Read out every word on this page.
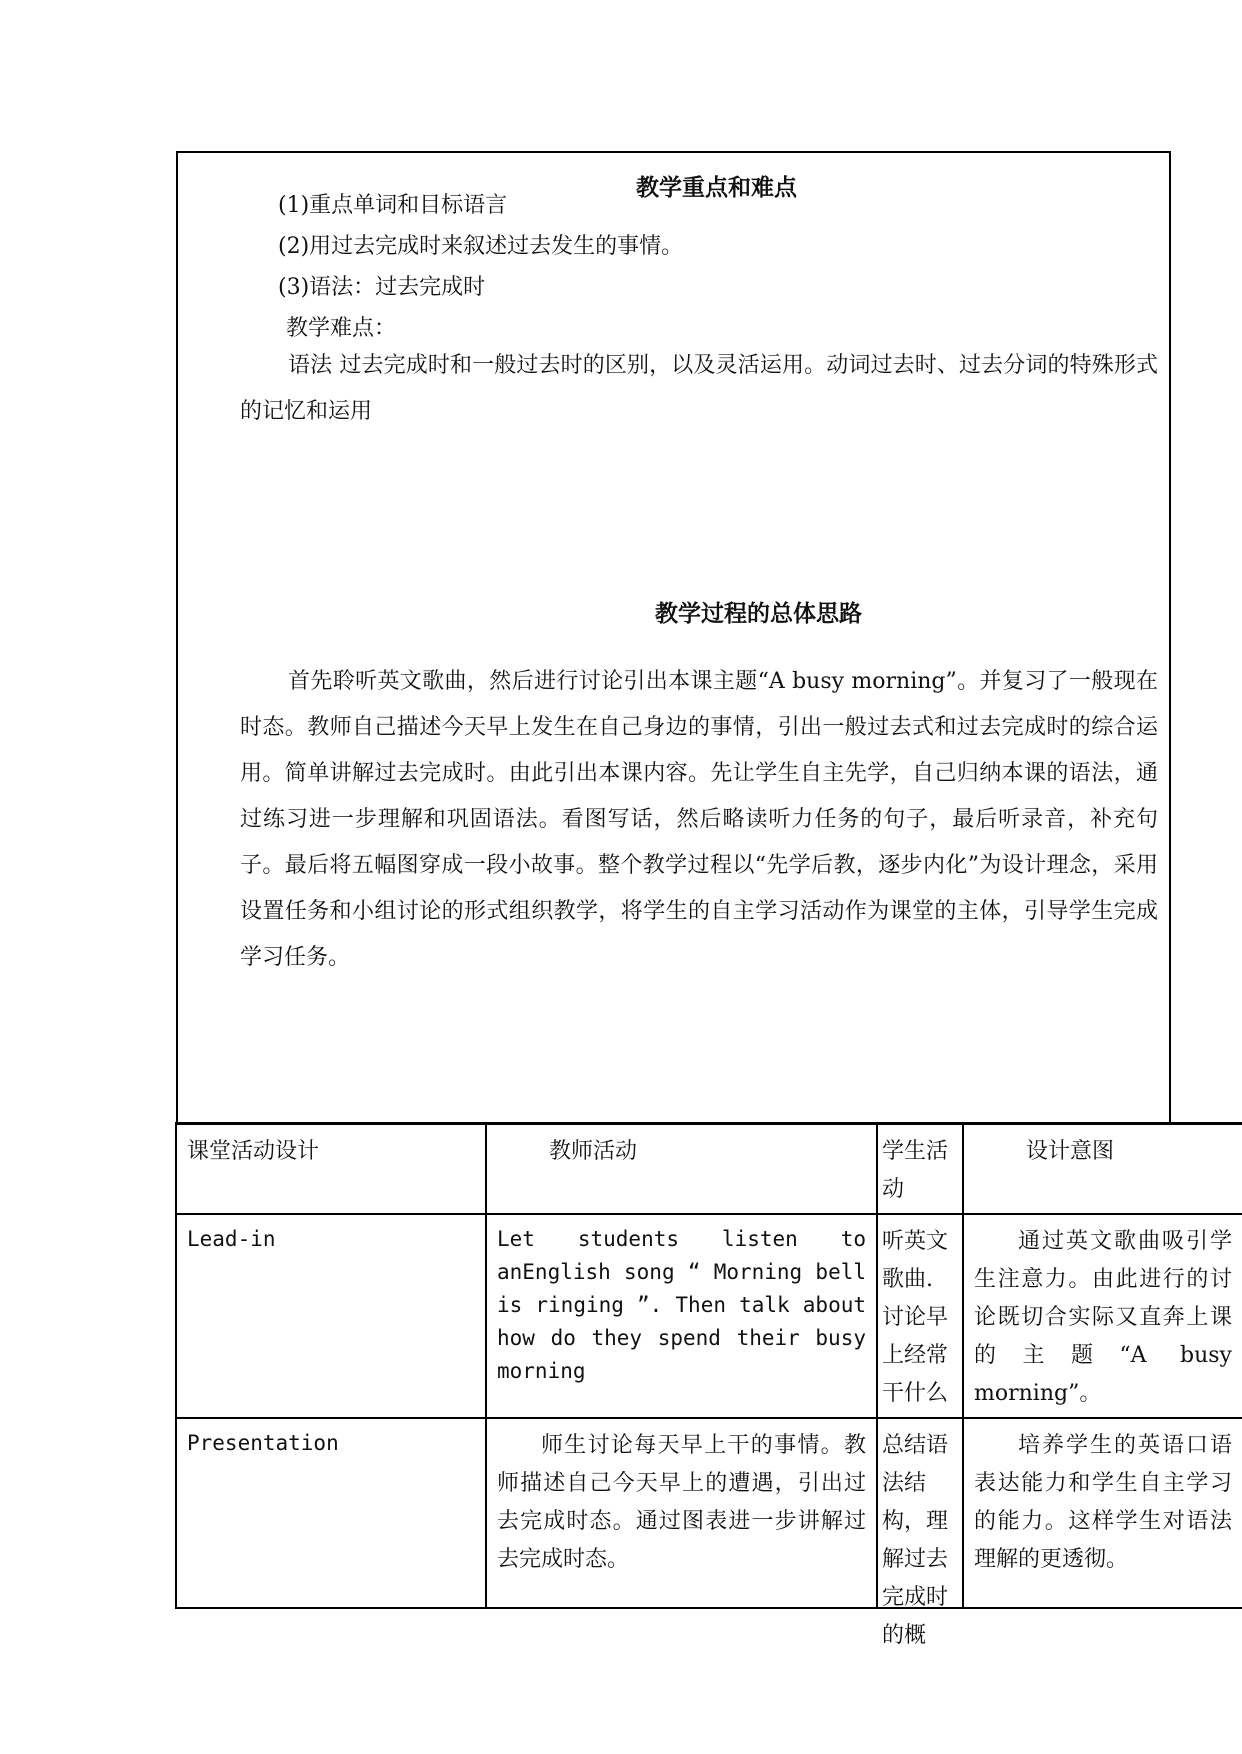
教学重点和难点
(1)重点单词和目标语言
(2)用过去完成时来叙述过去发生的事情。
(3)语法：过去完成时
教学难点：

语法 过去完成时和一般过去时的区别，以及灵活运用。动词过去时、过去分词的特殊形式的记忆和运用

教学过程的总体思路

首先聆听英文歌曲，然后进行讨论引出本课主题“A busy morning”。并复习了一般现在时态。教师自己描述今天早上发生在自己身边的事情，引出一般过去式和过去完成时的综合运用。简单讲解过去完成时。由此引出本课内容。先让学生自主先学，自己归纳本课的语法，通过练习进一步理解和巩固语法。看图写话，然后略读听力任务的句子，最后听录音，补充句子。最后将五幅图穿成一段小故事。整个教学过程以“先学后教，逐步内化”为设计理念，采用设置任务和小组讨论的形式组织教学，将学生的自主学习活动作为课堂的主体，引导学生完成学习任务。

课堂活动设计	教师活动	学生活动	设计意图

Lead-in	Let students listen to anEnglish song “ Morning bell is ringing ”. Then talk about how do they spend their busy morning	听英文歌曲. 讨论早上经常干什么	通过英文歌曲吸引学生注意力。由此进行的讨论既切合实际又直奔上课的主题“A busy morning”。

Presentation	师生讨论每天早上干的事情。教师描述自己今天早上的遭遇，引出过去完成时态。通过图表进一步讲解过去完成时态。	总结语法结构，理解过去完成时的概	培养学生的英语口语表达能力和学生自主学习的能力。这样学生对语法理解的更透彻。
